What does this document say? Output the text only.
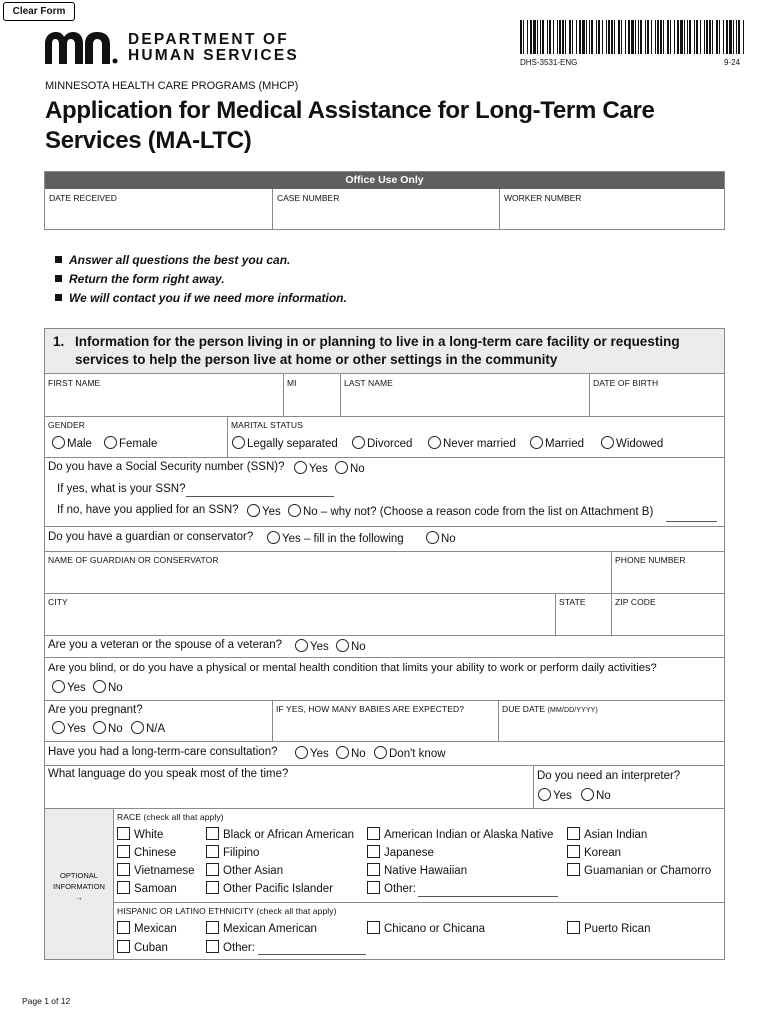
Clear Form
DEPARTMENT OF
HUMAN SERVICES	DHS-3531-ENG	9-24
MINNESOTA HEALTH CARE PROGRAMS (MHCP)
Application for Medical Assistance for Long-Term Care Services (MA-LTC)
Office Use Only
DATE RECEIVED	CASE NUMBER	WORKER NUMBER
Answer all questions the best you can.
Return the form right away.
We will contact you if we need more information.
1. Information for the person living in or planning to live in a long-term care facility or requesting
services to help the person live at home or other settings in the community
FIRST NAME	MI	LAST NAME	DATE OF BIRTH
GENDER	MARITAL STATUS
Male	Female	Legally separated	Divorced	Never married	Married	Widowed
Do you have a Social Security number (SSN)?	Yes	No
If yes, what is your SSN?
If no, have you applied for an SSN?	Yes	No – why not? (Choose a reason code from the list on Attachment B)
Do you have a guardian or conservator?	Yes – fill in the following	No
NAME OF GUARDIAN OR CONSERVATOR	PHONE NUMBER
CITY	STATE	ZIP CODE
Are you a veteran or the spouse of a veteran?	Yes	No
Are you blind, or do you have a physical or mental health condition that limits your ability to work or perform daily activities?
Yes	No
Are you pregnant?
Yes	No	N/A
IF YES, HOW MANY BABIES ARE EXPECTED?	DUE DATE (MM/DD/YYYY)
Have you had a long-term-care consultation?	Yes	No	Don't know
What language do you speak most of the time?	Do you need an interpreter?
Yes	No
OPTIONAL
INFORMATION
→
RACE (check all that apply)
White	Black or African American	American Indian or Alaska Native	Asian Indian
Chinese	Filipino	Japanese	Korean
Vietnamese	Other Asian	Native Hawaiian	Guamanian or Chamorro
Samoan	Other Pacific Islander	Other:
HISPANIC OR LATINO ETHNICITY (check all that apply)
Mexican	Mexican American	Chicano or Chicana	Puerto Rican
Cuban	Other:
Page 1 of 12
